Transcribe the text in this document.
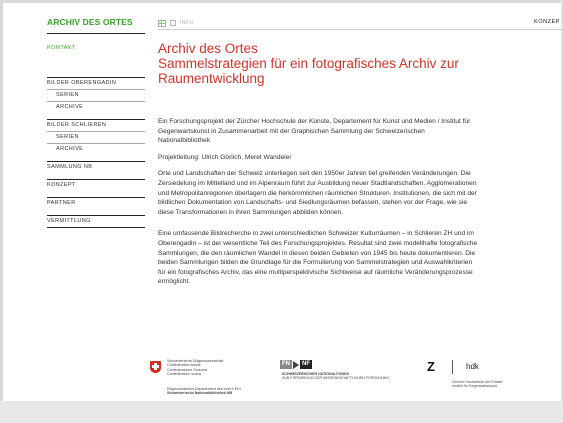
ARCHIV DES ORTES
KONTAKT
BILDER OBERENGADIN
SERIEN
ARCHIVE
BILDER SCHLIEREN
SERIEN
ARCHIVE
SAMMLUNG NB
KONZEPT
PARTNER
VERMITTLUNG
INFO	KONZEP
Archiv des Ortes
Sammelstrategien für ein fotografisches Archiv zur
Raumentwicklung

Ein Forschungsprojekt der Zürcher Hochschule der Künste, Departement für Kunst und Medien / Institut für Gegenwartskunst in Zusammenarbeit mit der Graphischen Sammlung der Schweizerischen Nationalbibliothek

Projektleitung: Ulrich Görlich, Meret Wandeler

Orte und Landschaften der Schweiz unterliegen seit den 1950er Jahren tief greifenden Veränderungen. Die Zersiedelung im Mittelland und im Alpenraum führt zur Ausbildung neuer Stadtlandschaften. Agglomerationen und Metropolitanregionen überlagern die herkömmlichen räumlichen Strukturen. Institutionen, die sich mit der bildlichen Dokumentation von Landschafts- und Siedlungsräumen befassen, stehen vor der Frage, wie sie diese Transformationen in ihren Sammlungen abbilden können.

Eine umfassende Bildrecherche in zwei unterschiedlichen Schweizer Kulturräumen – in Schlieren ZH und im Oberengadin – ist der wesentliche Teil des Forschungsprojektes. Resultat sind zwei modellhafte fotografische Sammlungen, die den räumlichen Wandel in diesen beiden Gebieten von 1945 bis heute dokumentieren. Die beiden Sammlungen bilden die Grundlage für die Formulierung von Sammelstrategien und Auswahlkriterien für ein fotografisches Archiv, das eine multiperspektivische Sichtweise auf räumliche Veränderungsprozesse ermöglicht.

Schweizerische Eidgenossenschaft
Confédération suisse
Confederazione Svizzera
Confederaziun svizra
Eidgenössisches Departement des Innern EDI
Schweizerische Nationalbibliothek NB
FN	NF
SCHWEIZERISCHER NATIONALFONDS
ZUR FÖRDERUNG DER WISSENSCHAFTLICHEN FORSCHUNG
Z	hdk
Zürcher Hochschule der Künste
Institut für Gegenwartskunst
